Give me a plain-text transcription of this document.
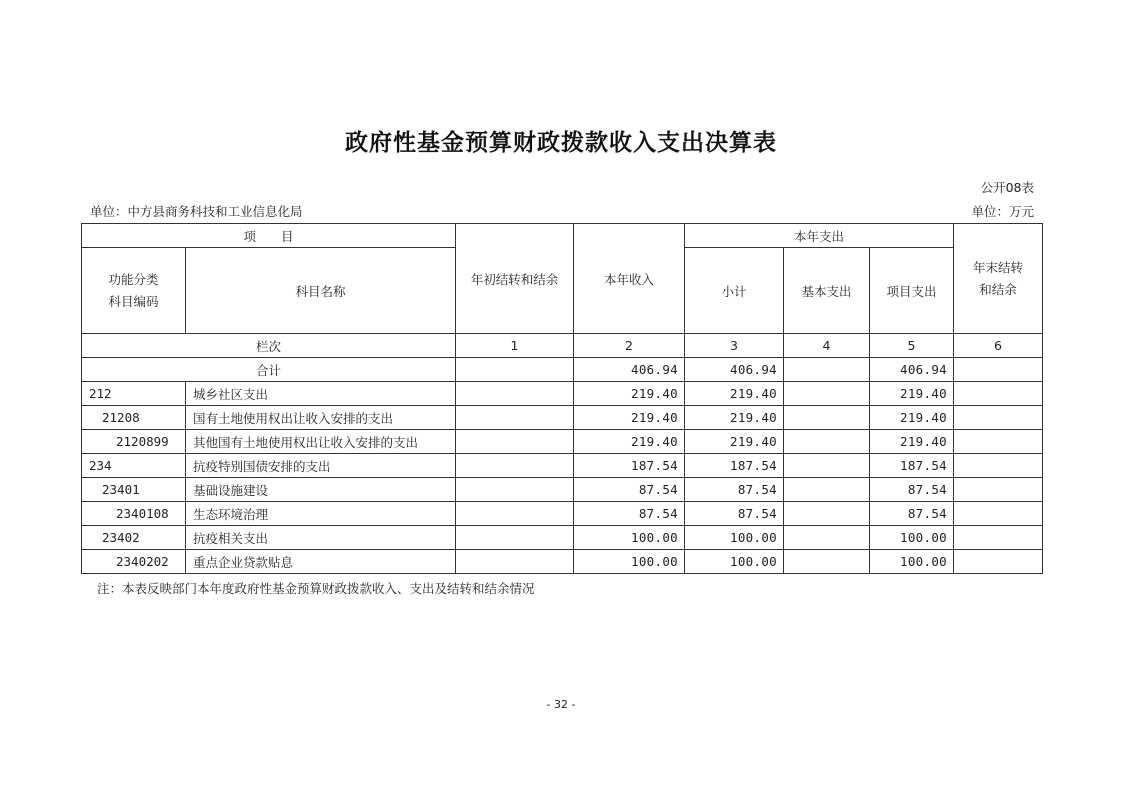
政府性基金预算财政拨款收入支出决算表
公开08表
单位：中方县商务科技和工业信息化局	单位：万元
项　　目		年初结转和结余	本年收入	本年支出			年末结转
和结余
功能分类
科目编码	科目名称			小计	基本支出	项目支出	
栏次		1	2	3	4	5	6
合计			406.94	406.94		406.94	
212	城乡社区支出		219.40	219.40		219.40	
21208	国有土地使用权出让收入安排的支出		219.40	219.40		219.40	
2120899	其他国有土地使用权出让收入安排的支出		219.40	219.40		219.40	
234	抗疫特别国债安排的支出		187.54	187.54		187.54	
23401	基础设施建设		87.54	87.54		87.54	
2340108	生态环境治理		87.54	87.54		87.54	
23402	抗疫相关支出		100.00	100.00		100.00	
2340202	重点企业贷款贴息		100.00	100.00		100.00	
注：本表反映部门本年度政府性基金预算财政拨款收入、支出及结转和结余情况
- 32 -
